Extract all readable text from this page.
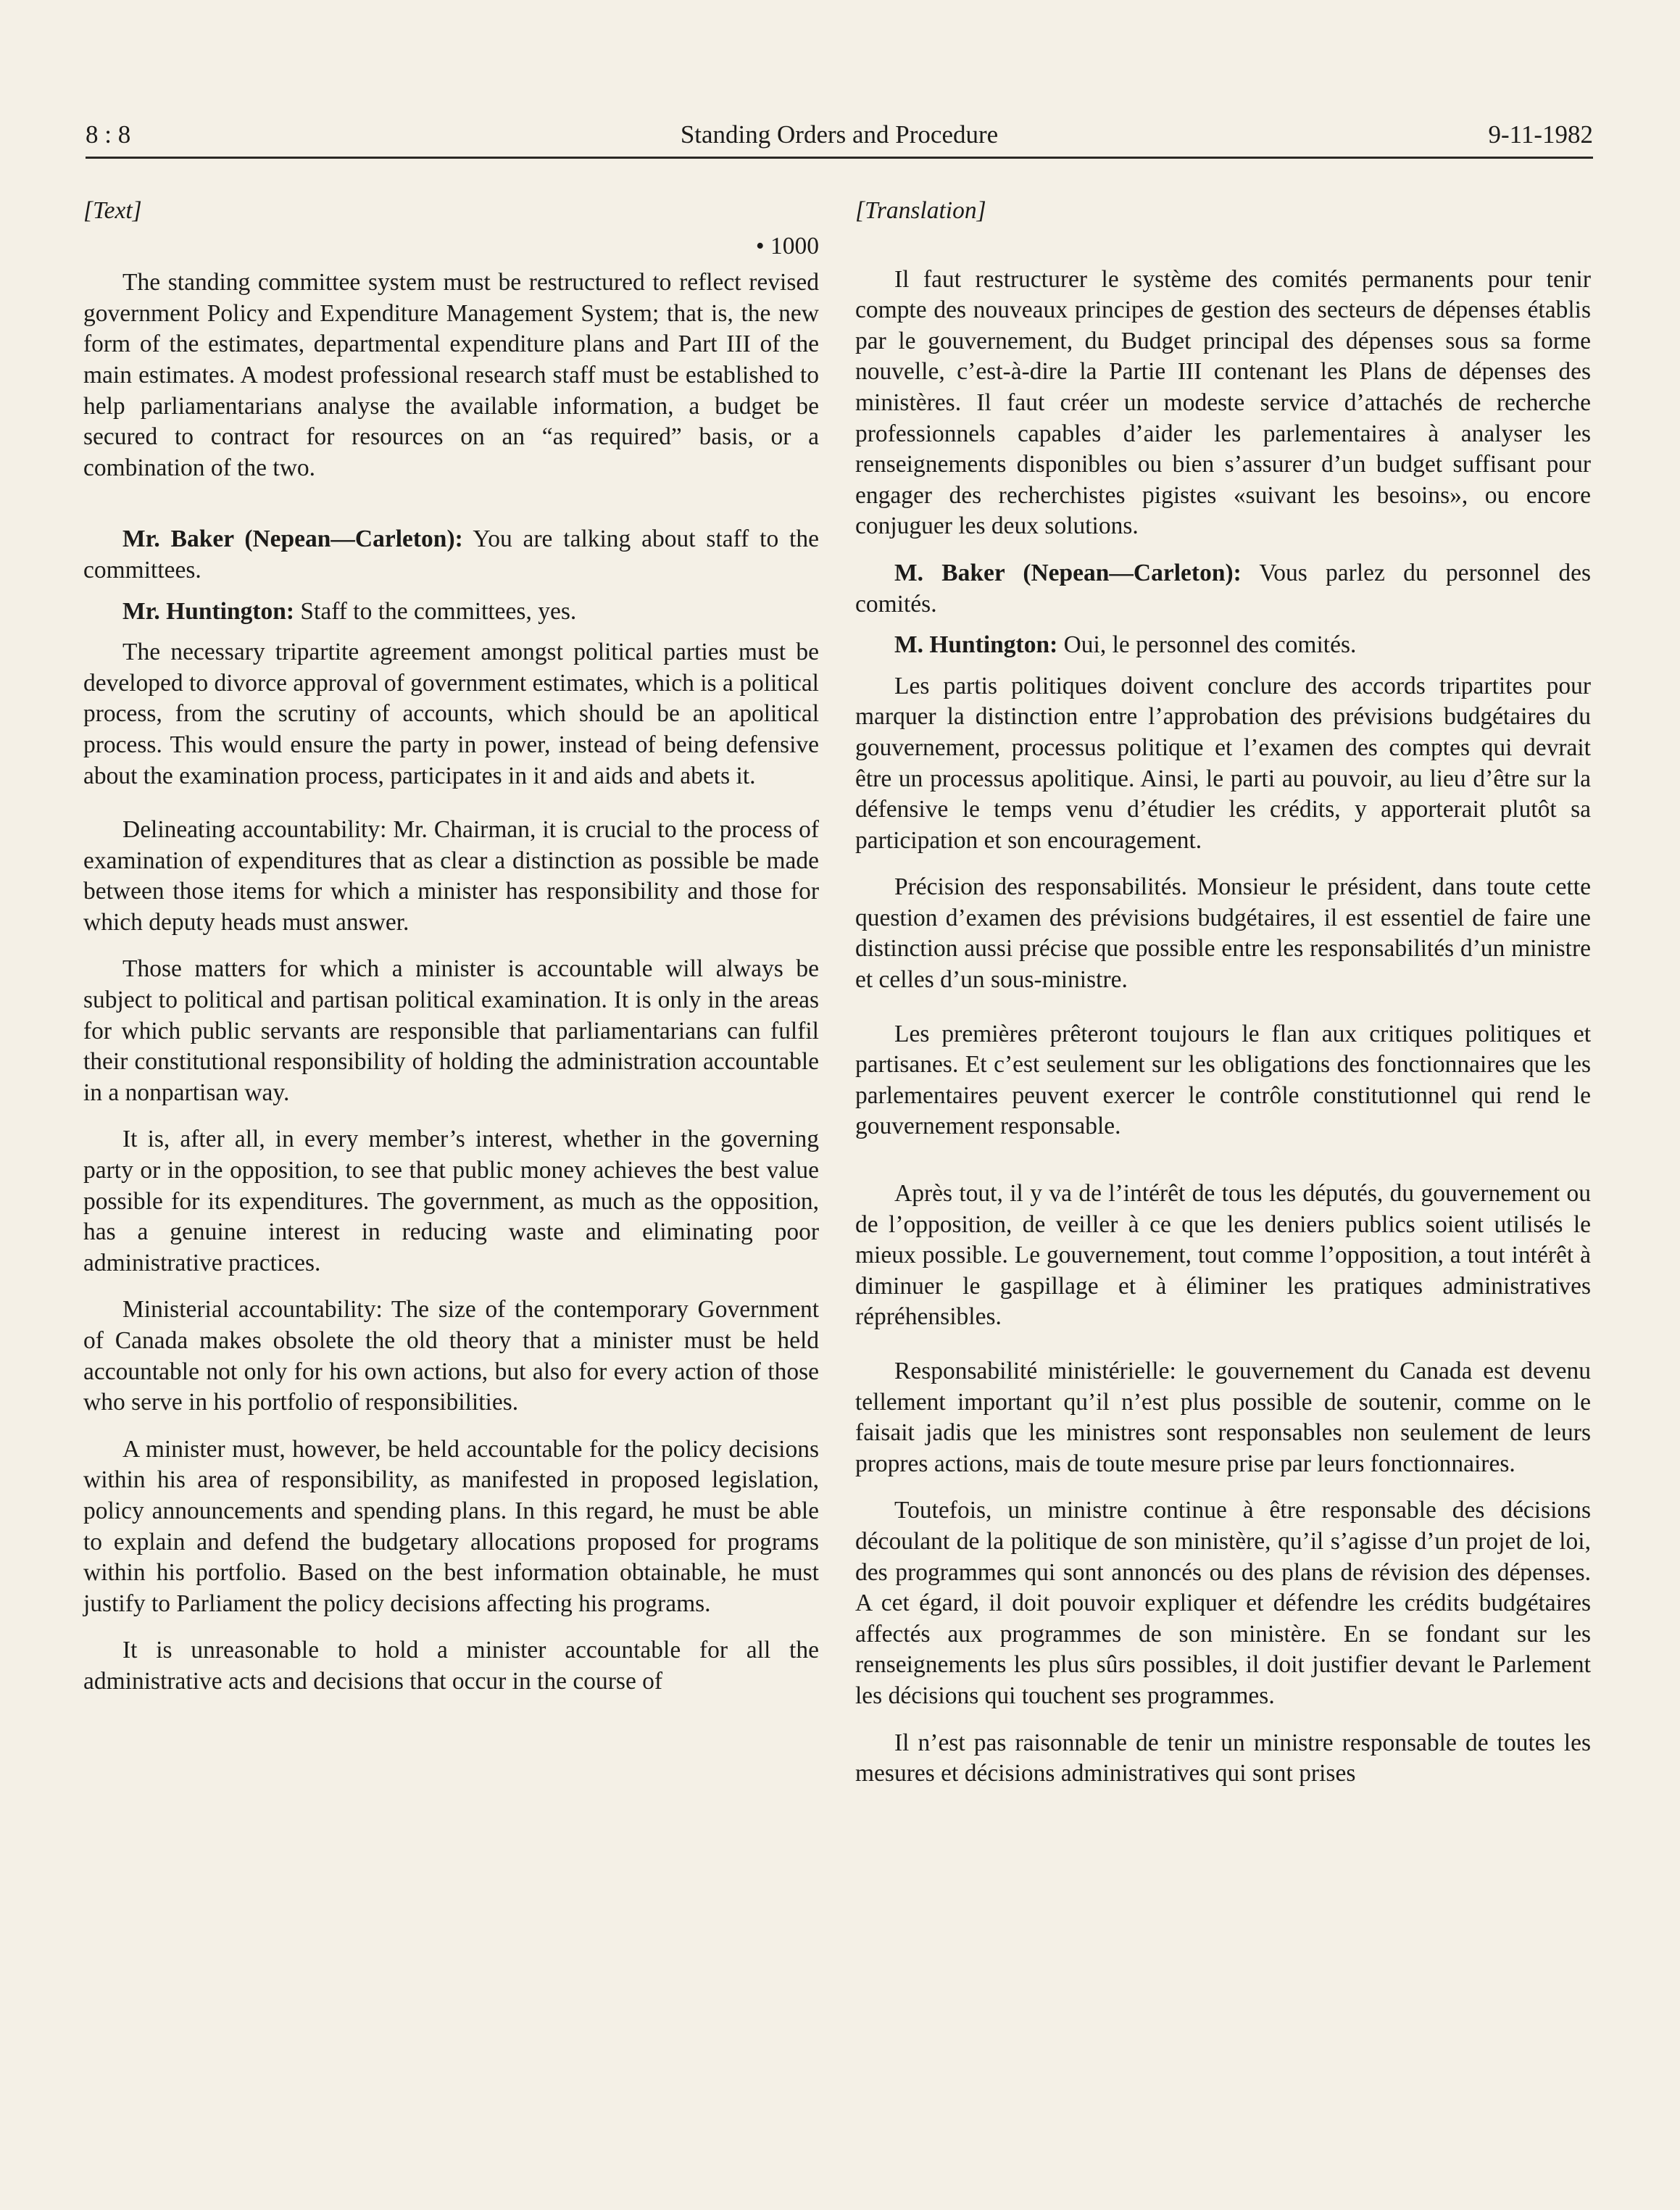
8 : 8	Standing Orders and Procedure	9-11-1982
[Text]
• 1000

The standing committee system must be restructured to reflect revised government Policy and Expenditure Management System; that is, the new form of the estimates, departmental expenditure plans and Part III of the main estimates. A modest professional research staff must be established to help parliamentarians analyse the available information, a budget be secured to contract for resources on an “as required” basis, or a combination of the two.

Mr. Baker (Nepean—Carleton): You are talking about staff to the committees.

Mr. Huntington: Staff to the committees, yes.

The necessary tripartite agreement amongst political parties must be developed to divorce approval of government estimates, which is a political process, from the scrutiny of accounts, which should be an apolitical process. This would ensure the party in power, instead of being defensive about the examination process, participates in it and aids and abets it.

Delineating accountability: Mr. Chairman, it is crucial to the process of examination of expenditures that as clear a distinction as possible be made between those items for which a minister has responsibility and those for which deputy heads must answer.

Those matters for which a minister is accountable will always be subject to political and partisan political examination. It is only in the areas for which public servants are responsible that parliamentarians can fulfil their constitutional responsibility of holding the administration accountable in a nonpartisan way.

It is, after all, in every member’s interest, whether in the governing party or in the opposition, to see that public money achieves the best value possible for its expenditures. The government, as much as the opposition, has a genuine interest in reducing waste and eliminating poor administrative practices.

Ministerial accountability: The size of the contemporary Government of Canada makes obsolete the old theory that a minister must be held accountable not only for his own actions, but also for every action of those who serve in his portfolio of responsibilities.

A minister must, however, be held accountable for the policy decisions within his area of responsibility, as manifested in proposed legislation, policy announcements and spending plans. In this regard, he must be able to explain and defend the budgetary allocations proposed for programs within his portfolio. Based on the best information obtainable, he must justify to Parliament the policy decisions affecting his programs.

It is unreasonable to hold a minister accountable for all the administrative acts and decisions that occur in the course of

[Translation]

Il faut restructurer le système des comités permanents pour tenir compte des nouveaux principes de gestion des secteurs de dépenses établis par le gouvernement, du Budget principal des dépenses sous sa forme nouvelle, c’est-à-dire la Partie III contenant les Plans de dépenses des ministères. Il faut créer un modeste service d’attachés de recherche professionnels capables d’aider les parlementaires à analyser les renseignements disponibles ou bien s’assurer d’un budget suffisant pour engager des recherchistes pigistes «suivant les besoins», ou encore conjuguer les deux solutions.

M. Baker (Nepean—Carleton): Vous parlez du personnel des comités.

M. Huntington: Oui, le personnel des comités.

Les partis politiques doivent conclure des accords tripartites pour marquer la distinction entre l’approbation des prévisions budgétaires du gouvernement, processus politique et l’examen des comptes qui devrait être un processus apolitique. Ainsi, le parti au pouvoir, au lieu d’être sur la défensive le temps venu d’étudier les crédits, y apporterait plutôt sa participation et son encouragement.

Précision des responsabilités. Monsieur le président, dans toute cette question d’examen des prévisions budgétaires, il est essentiel de faire une distinction aussi précise que possible entre les responsabilités d’un ministre et celles d’un sous-ministre.

Les premières prêteront toujours le flan aux critiques politiques et partisanes. Et c’est seulement sur les obligations des fonctionnaires que les parlementaires peuvent exercer le contrôle constitutionnel qui rend le gouvernement responsable.

Après tout, il y va de l’intérêt de tous les députés, du gouvernement ou de l’opposition, de veiller à ce que les deniers publics soient utilisés le mieux possible. Le gouvernement, tout comme l’opposition, a tout intérêt à diminuer le gaspillage et à éliminer les pratiques administratives répréhensibles.

Responsabilité ministérielle: le gouvernement du Canada est devenu tellement important qu’il n’est plus possible de soutenir, comme on le faisait jadis que les ministres sont responsables non seulement de leurs propres actions, mais de toute mesure prise par leurs fonctionnaires.

Toutefois, un ministre continue à être responsable des décisions découlant de la politique de son ministère, qu’il s’agisse d’un projet de loi, des programmes qui sont annoncés ou des plans de révision des dépenses. A cet égard, il doit pouvoir expliquer et défendre les crédits budgétaires affectés aux programmes de son ministère. En se fondant sur les renseignements les plus sûrs possibles, il doit justifier devant le Parlement les décisions qui touchent ses programmes.

Il n’est pas raisonnable de tenir un ministre responsable de toutes les mesures et décisions administratives qui sont prises
